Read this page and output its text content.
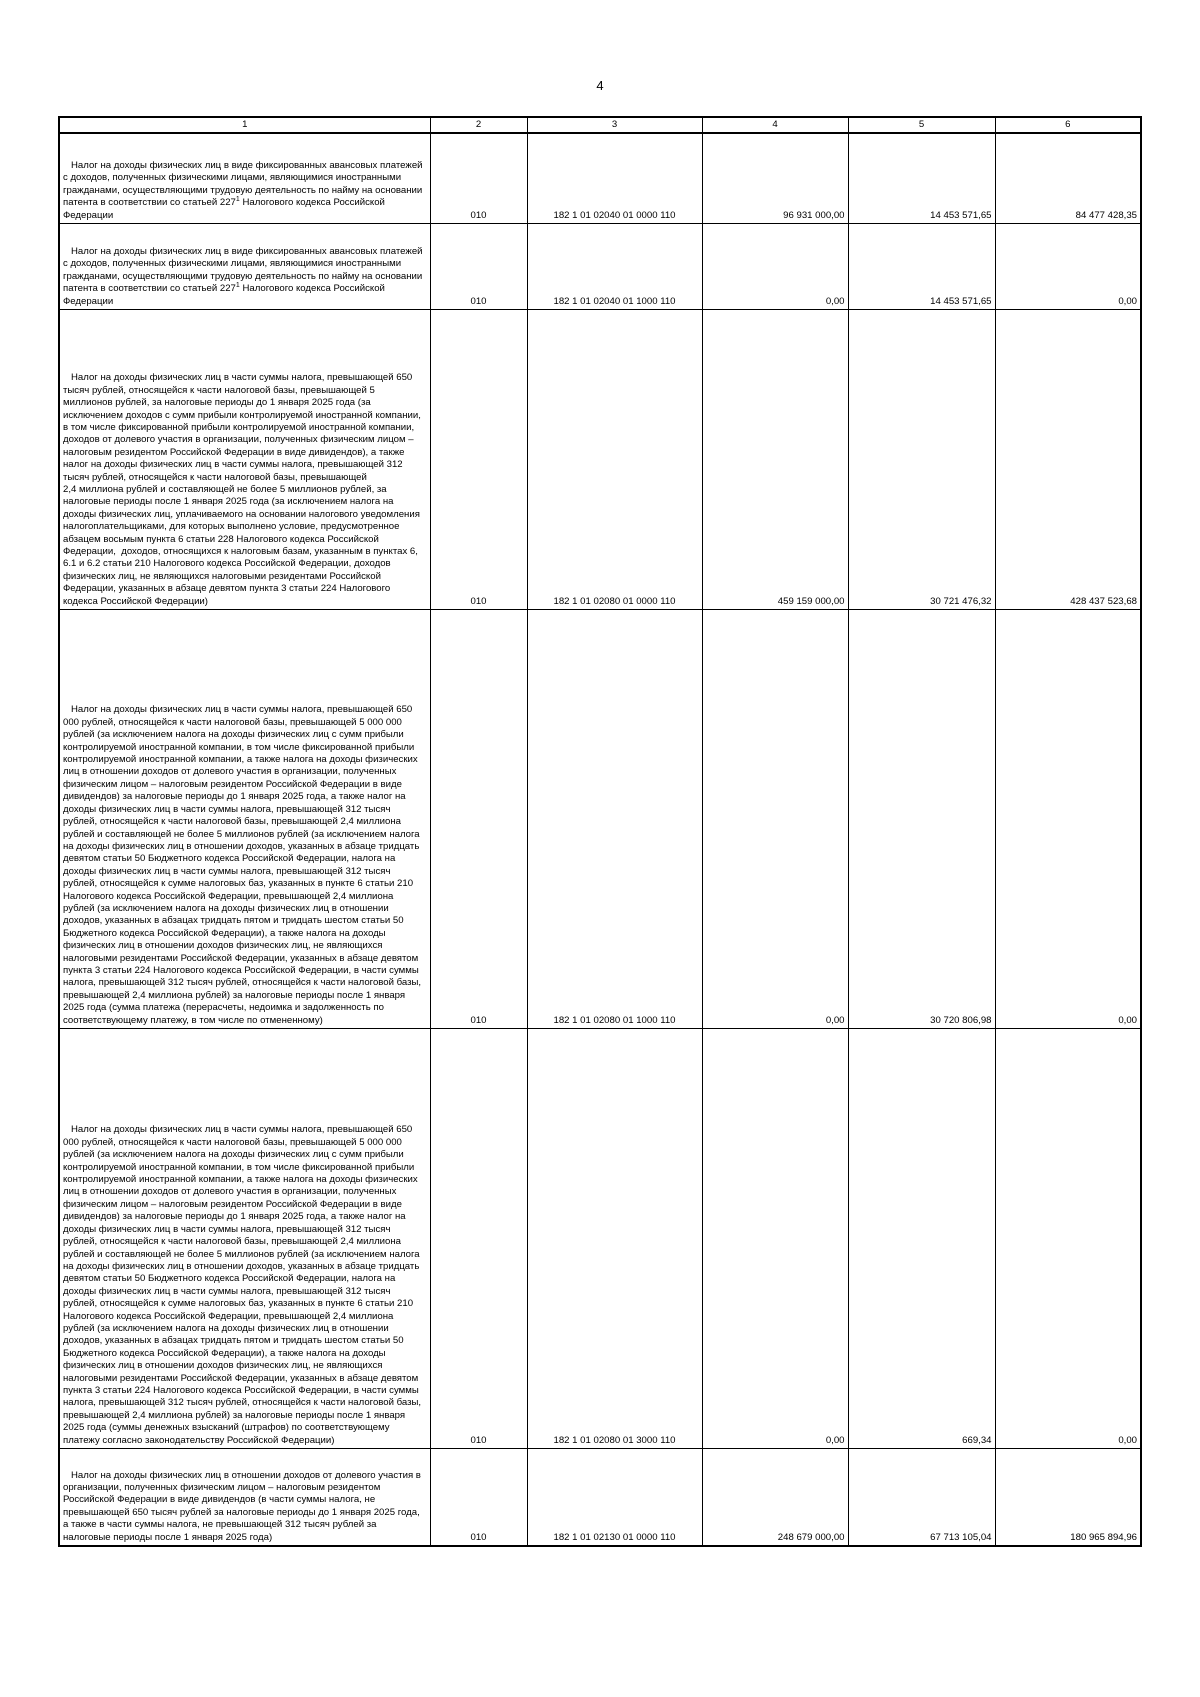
4
1	2	3	4	5	6
Налог на доходы физических лиц в виде фиксированных авансовых платежей с доходов, полученных физическими лицами, являющимися иностранными гражданами, осуществляющими трудовую деятельность по найму на основании патента в соответствии со статьей $227^1$ Налогового кодекса Российской Федерации	010	182 1 01 02040 01 0000 110	96 931 000,00	14 453 571,65	84 477 428,35
Налог на доходы физических лиц в виде фиксированных авансовых платежей с доходов, полученных физическими лицами, являющимися иностранными гражданами, осуществляющими трудовую деятельность по найму на основании патента в соответствии со статьей $227^1$ Налогового кодекса Российской Федерации	010	182 1 01 02040 01 1000 110	0,00	14 453 571,65	0,00
Налог на доходы физических лиц в части суммы налога, превышающей 650  тысяч рублей, относящейся к части налоговой базы, превышающей 5 миллионов рублей, за налоговые периоды до 1 января 2025 года (за исключением доходов с сумм прибыли контролируемой иностранной компании, в том числе фиксированной прибыли контролируемой иностранной компании, доходов от долевого участия в организации, полученных физическим лицом – налоговым резидентом Российской Федерации в виде дивидендов), а также налог на доходы физических лиц в части суммы налога, превышающей 312 тысяч рублей, относящейся к части налоговой базы, превышающей
2,4 миллиона рублей и составляющей не более 5 миллионов рублей, за налоговые периоды после 1 января 2025 года (за исключением налога на доходы физических лиц, уплачиваемого на основании налогового уведомления налогоплательщиками, для которых выполнено условие, предусмотренное абзацем восьмым пункта 6 статьи 228 Налогового кодекса Российской Федерации,  доходов, относящихся к налоговым базам, указанным в пунктах 6, 6.1 и 6.2 статьи 210 Налогового кодекса Российской Федерации, доходов физических лиц, не являющихся налоговыми резидентами Российской Федерации, указанных в абзаце девятом пункта 3 статьи 224 Налогового кодекса Российской Федерации)	010	182 1 01 02080 01 0000 110	459 159 000,00	30 721 476,32	428 437 523,68
Налог на доходы физических лиц в части суммы налога, превышающей 650 000 рублей, относящейся к части налоговой базы, превышающей 5 000 000 рублей (за исключением налога на доходы физических лиц с сумм прибыли контролируемой иностранной компании, в том числе фиксированной прибыли контролируемой иностранной компании, а также налога на доходы физических лиц в отношении доходов от долевого участия в организации, полученных физическим лицом – налоговым резидентом Российской Федерации в виде дивидендов) за налоговые периоды до 1 января 2025 года, а также налог на доходы физических лиц в части суммы налога, превышающей 312 тысяч рублей, относящейся к части налоговой базы, превышающей 2,4 миллиона рублей и составляющей не более 5 миллионов рублей (за исключением налога на доходы физических лиц в отношении доходов, указанных в абзаце тридцать девятом статьи 50 Бюджетного кодекса Российской Федерации, налога на доходы физических лиц в части суммы налога, превышающей 312 тысяч рублей, относящейся к сумме налоговых баз, указанных в пункте 6 статьи 210 Налогового кодекса Российской Федерации, превышающей 2,4 миллиона рублей (за исключением налога на доходы физических лиц в отношении доходов, указанных в абзацах тридцать пятом и тридцать шестом статьи 50 Бюджетного кодекса Российской Федерации), а также налога на доходы физических лиц в отношении доходов физических лиц, не являющихся налоговыми резидентами Российской Федерации, указанных в абзаце девятом пункта 3 статьи 224 Налогового кодекса Российской Федерации, в части суммы налога, превышающей 312 тысяч рублей, относящейся к части налоговой базы, превышающей 2,4 миллиона рублей) за налоговые периоды после 1 января 2025 года (сумма платежа (перерасчеты, недоимка и задолженность по соответствующему платежу, в том числе по отмененному)	010	182 1 01 02080 01 1000 110	0,00	30 720 806,98	0,00
Налог на доходы физических лиц в части суммы налога, превышающей 650 000 рублей, относящейся к части налоговой базы, превышающей 5 000 000 рублей (за исключением налога на доходы физических лиц с сумм прибыли контролируемой иностранной компании, в том числе фиксированной прибыли контролируемой иностранной компании, а также налога на доходы физических лиц в отношении доходов от долевого участия в организации, полученных физическим лицом – налоговым резидентом Российской Федерации в виде дивидендов) за налоговые периоды до 1 января 2025 года, а также налог на доходы физических лиц в части суммы налога, превышающей 312 тысяч рублей, относящейся к части налоговой базы, превышающей 2,4 миллиона рублей и составляющей не более 5 миллионов рублей (за исключением налога на доходы физических лиц в отношении доходов, указанных в абзаце тридцать девятом статьи 50 Бюджетного кодекса Российской Федерации, налога на доходы физических лиц в части суммы налога, превышающей 312 тысяч рублей, относящейся к сумме налоговых баз, указанных в пункте 6 статьи 210 Налогового кодекса Российской Федерации, превышающей 2,4 миллиона рублей (за исключением налога на доходы физических лиц в отношении доходов, указанных в абзацах тридцать пятом и тридцать шестом статьи 50 Бюджетного кодекса Российской Федерации), а также налога на доходы физических лиц в отношении доходов физических лиц, не являющихся налоговыми резидентами Российской Федерации, указанных в абзаце девятом пункта 3 статьи 224 Налогового кодекса Российской Федерации, в части суммы налога, превышающей 312 тысяч рублей, относящейся к части налоговой базы, превышающей 2,4 миллиона рублей) за налоговые периоды после 1 января 2025 года (суммы денежных взысканий (штрафов) по соответствующему платежу согласно законодательству Российской Федерации)	010	182 1 01 02080 01 3000 110	0,00	669,34	0,00
Налог на доходы физических лиц в отношении доходов от долевого участия в организации, полученных физическим лицом – налоговым резидентом Российской Федерации в виде дивидендов (в части суммы налога, не превышающей 650 тысяч рублей за налоговые периоды до 1 января 2025 года, а также в части суммы налога, не превышающей 312 тысяч рублей за налоговые периоды после 1 января 2025 года)	010	182 1 01 02130 01 0000 110	248 679 000,00	67 713 105,04	180 965 894,96
